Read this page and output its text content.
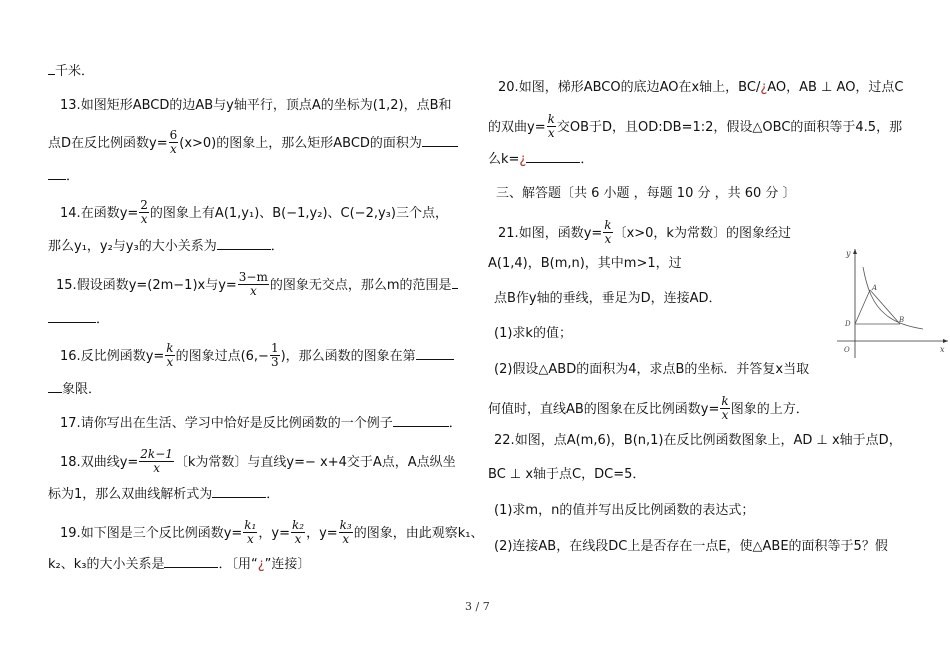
千米．
13.如图矩形ABCD的边AB与y轴平行，顶点A的坐标为(1,2)，点B和
点D在反比例函数$y= \frac{6}{x} (x>0)$的图象上，那么矩形ABCD的面积为
．
14.在函数$y= \frac{2}{x}$ 的图象上有A(1,y₁)、B(−1,y₂)、C(−2,y₃)三个点，
那么y₁，y₂与y₃的大小关系为	．
15.假设函数y=(2m−1)x与$y= \frac{3-m}{x}$ 的图象无交点，那么m的范围是
．
16.反比例函数$y= \frac{k}{x}$ 的图象过点($6,- \frac{1}{3}$ )，那么函数的图象在第
象限．
17.请你写出在生活、学习中恰好是反比例函数的一个例子	．
18.双曲线$y= \frac{2k-1}{x}$ 〔k为常数〕与直线y=− x+4交于A点，A点纵坐
标为1，那么双曲线解析式为	．
19.如下图是三个反比例函数$y= \frac{\text{k₁}}{x}$ ，$y= \frac{\text{k₂}}{x}$ ，$y= \frac{\text{k₃}}{x}$ 的图象，由此观察k₁、
k₂、k₃的大小关系是	．〔用“¿”连接〕
20.如图，梯形ABCO的底边AO在x轴上，BC/¿AO，AB ⊥ AO，过点C
的双曲$y= \frac{k}{x}$ 交OB于D，且OD:DB=1:2，假设△OBC的面积等于4.5，那
么k=¿	．
三、解答题〔共 6 小题 ，每题 10 分 ，共 60 分 〕
21.如图，函数$y= \frac{k}{x}$ 〔x>0，k为常数〕的图象经过
A(1,4)，B(m,n)，其中m>1，过
点B作y轴的垂线，垂足为D，连接AD．
(1)求k的值；
(2)假设△ABD的面积为4，求点B的坐标．并答复x当取
何值时，直线AB的图象在反比例函数$y= \frac{k}{x}$ 图象的上方．
22.如图，点A(m,6)，B(n,1)在反比例函数图象上，AD ⊥ x轴于点D，
BC ⊥ x轴于点C，DC=5．
(1)求m，n的值并写出反比例函数的表达式；
(2)连接AB，在线段DC上是否存在一点E，使△ABE的面积等于5？假
y
x
O
A
B
D
3 / 7
